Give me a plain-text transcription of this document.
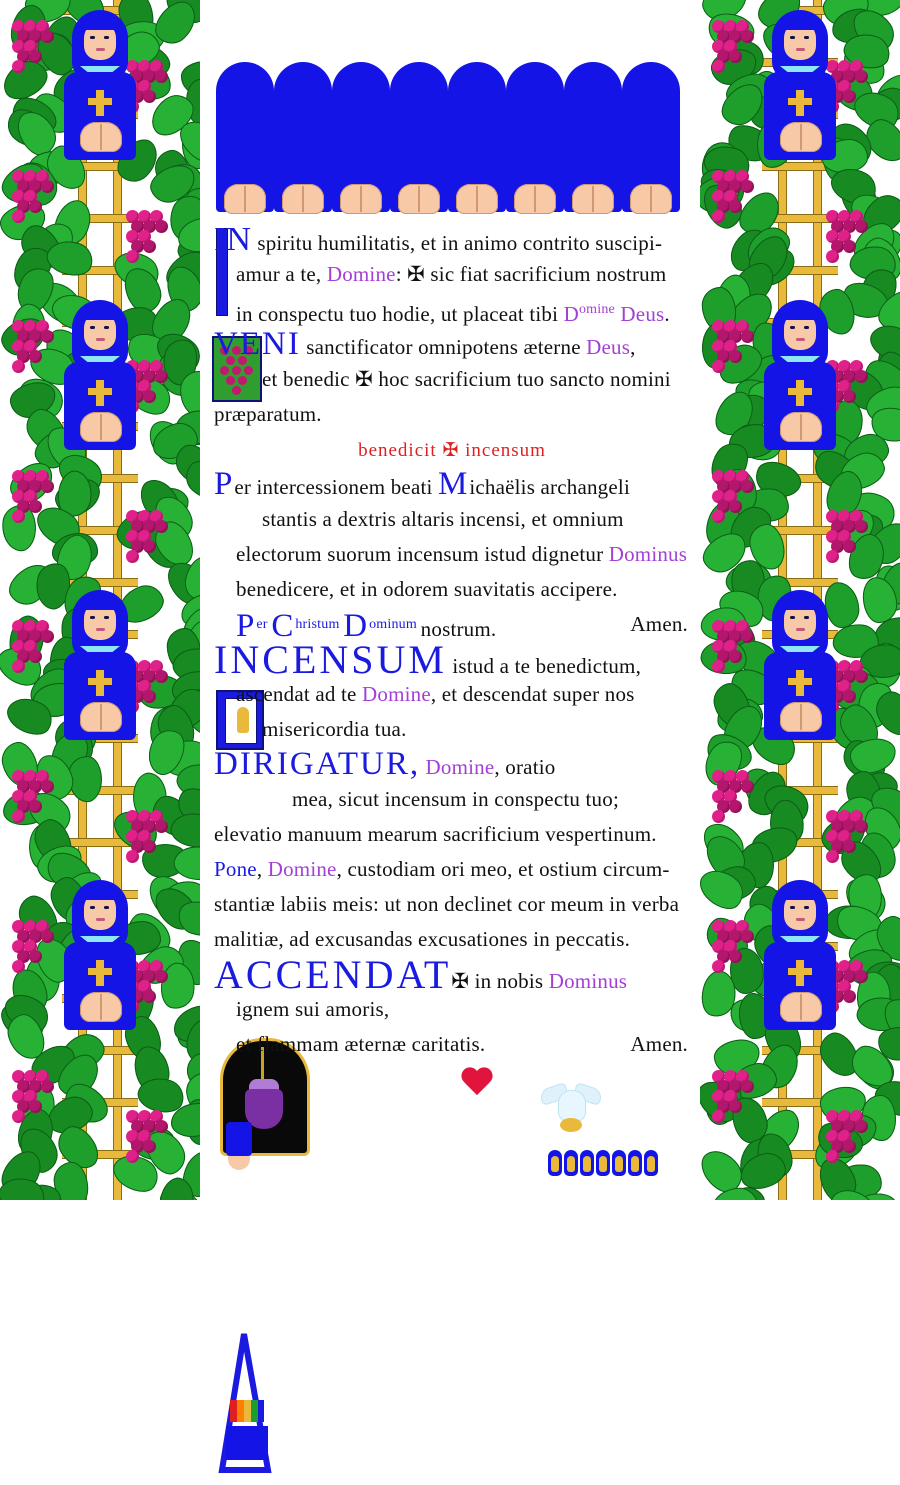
IN spiritu humilitatis, et in animo contrito suscipi-
amur a te, Domine: ✠ sic fiat sacrificium nostrum
in conspectu tuo hodie, ut placeat tibi $D^{omine}$ Deus.
VENI sanctificator omnipotens æterne Deus,
et benedic ✠ hoc sacrificium tuo sancto nomini
præparatum.
benedicit ✠ incensum
Per intercessionem beati Michaëlis archangeli
stantis a dextris altaris incensi, et omnium
electorum suorum incensum istud dignetur Dominus
benedicere, et in odorem suavitatis accipere.
$P^{er}$ $C^{hristum}$ $D^{ominum}$ nostrum.	Amen.
INCENSUM istud a te benedictum,
ascendat ad te Domine, et descendat super nos
misericordia tua.
DIRIGATUR, Domine, oratio
mea, sicut incensum in conspectu tuo;
elevatio manuum mearum sacrificium vespertinum.
Pone, Domine, custodiam ori meo, et ostium circum-
stantiæ labiis meis: ut non declinet cor meum in verba
malitiæ, ad excusandas excusationes in peccatis.
ACCENDAT✠ in nobis Dominus
ignem sui amoris,
et flammam æternæ caritatis.	Amen.
